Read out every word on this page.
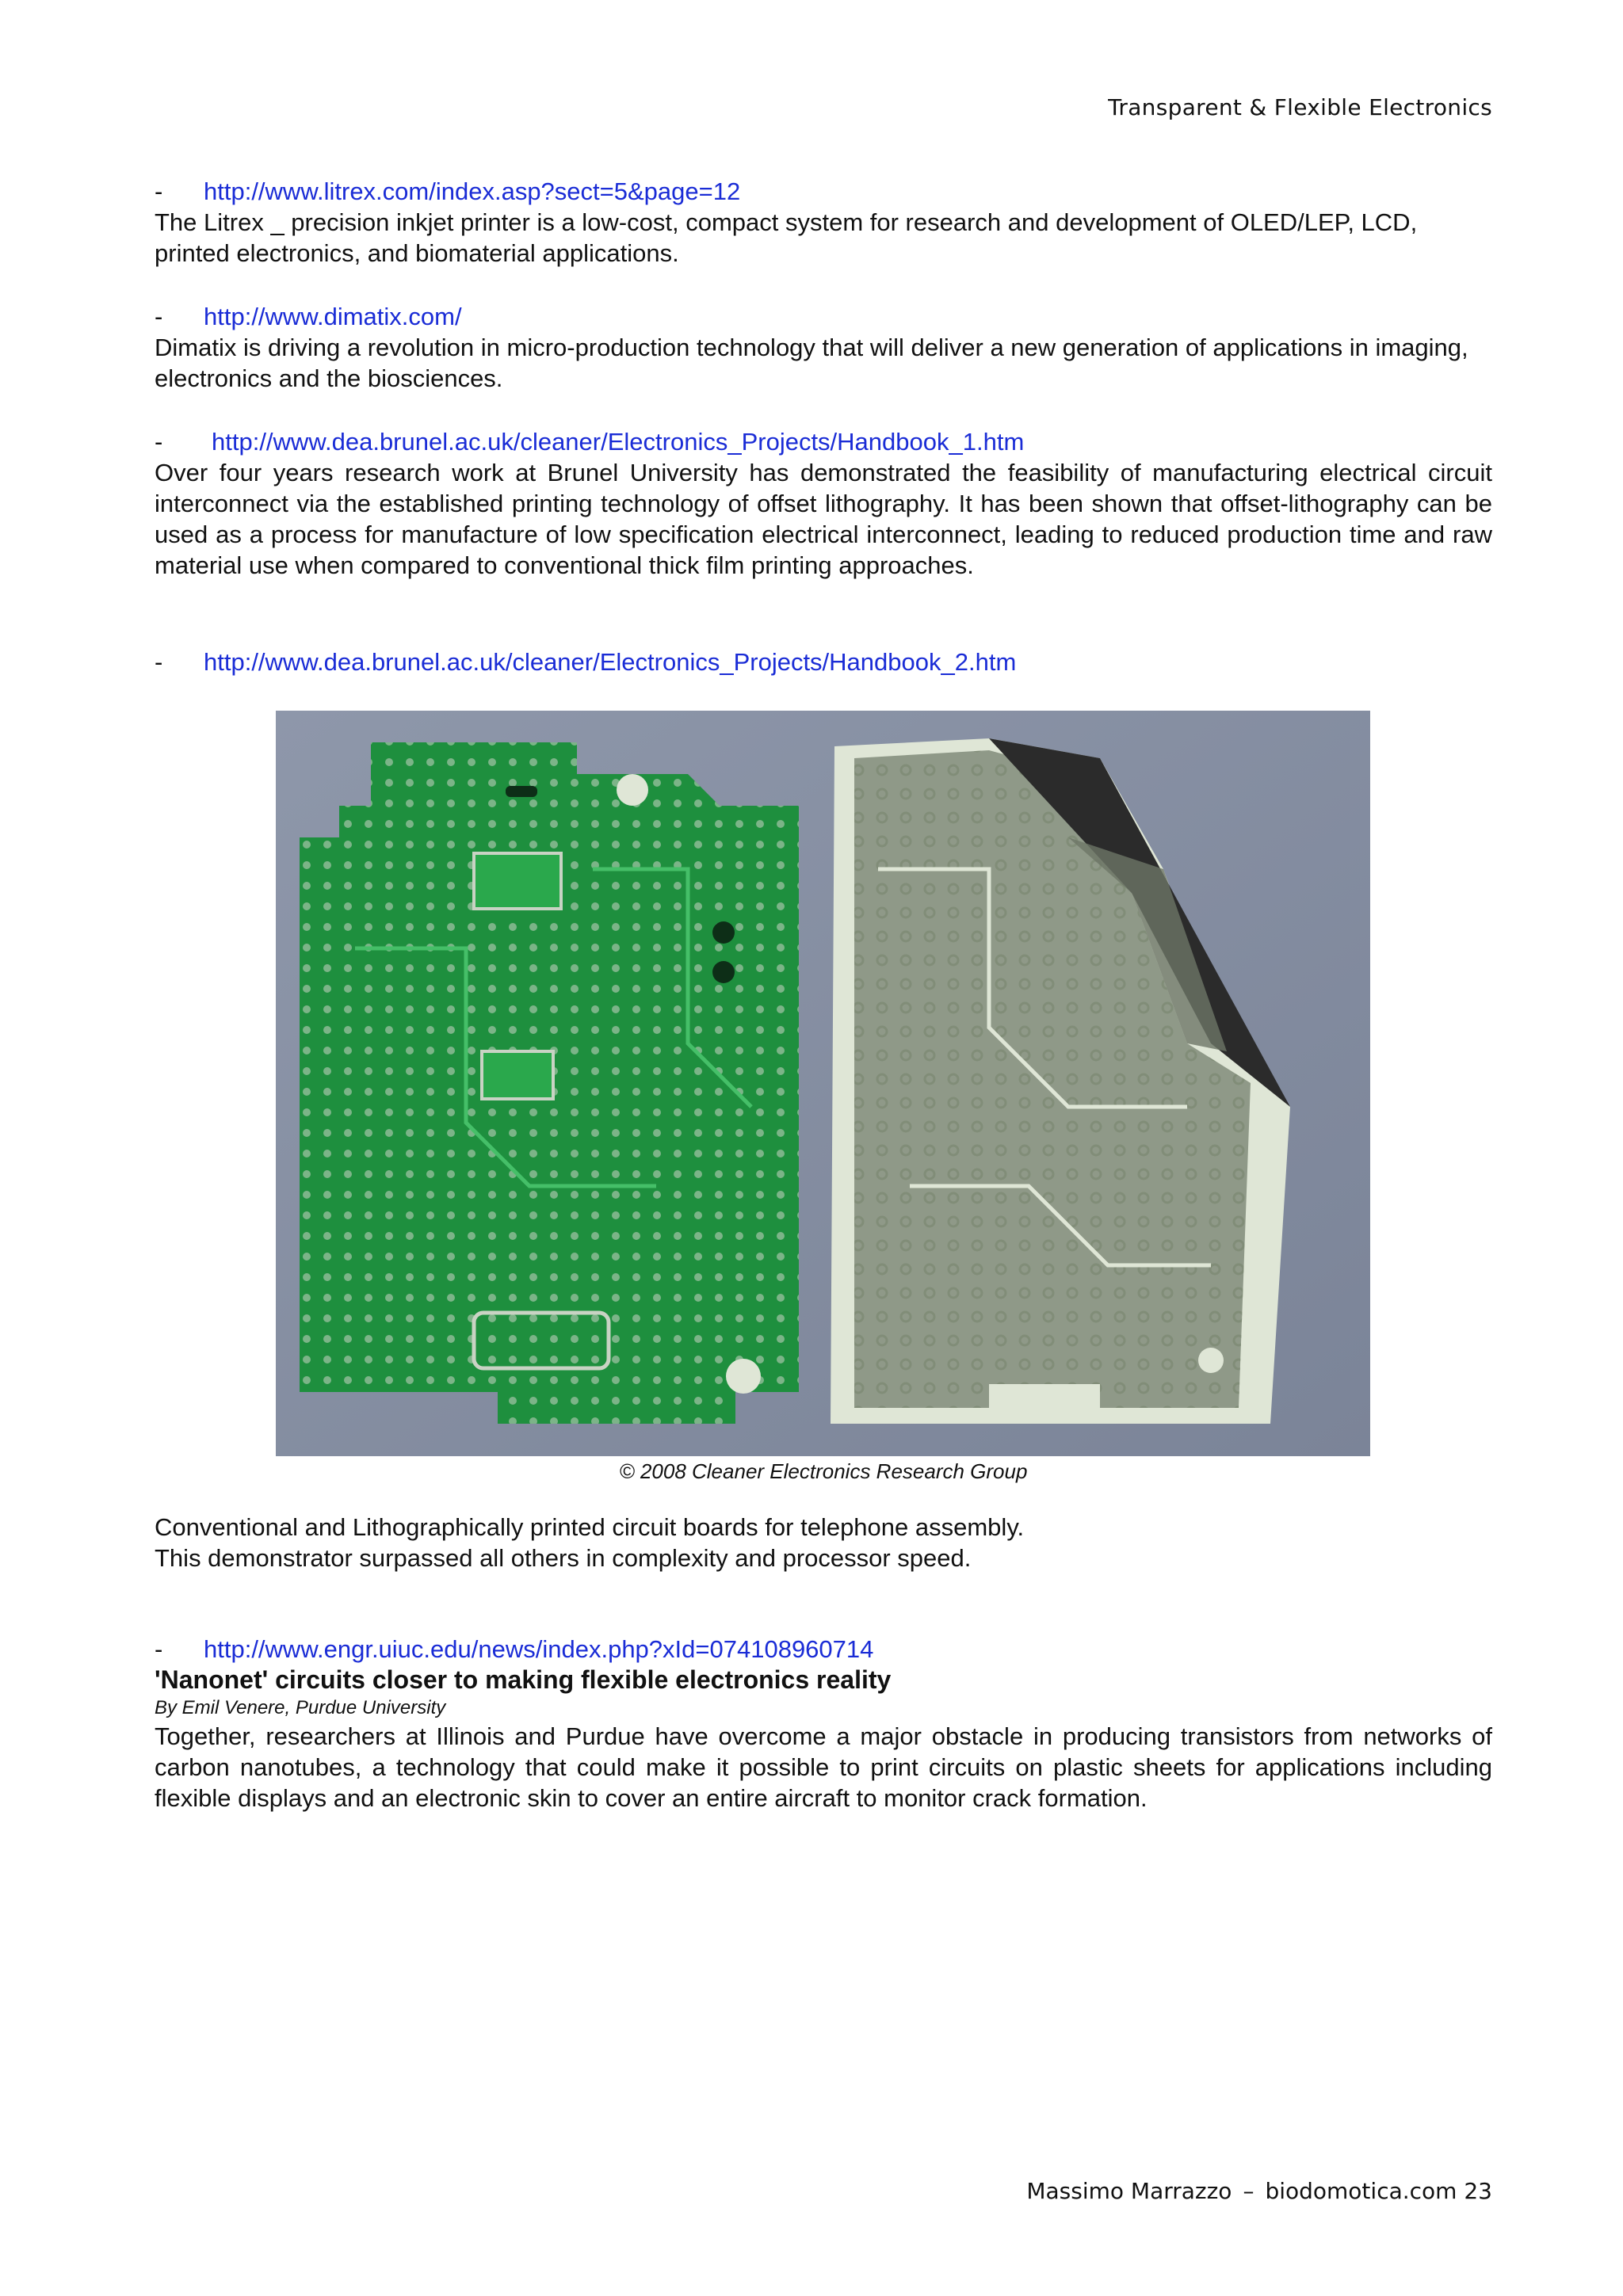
Transparent & Flexible Electronics
- http://www.litrex.com/index.asp?sect=5&page=12

The Litrex _ precision inkjet printer is a low-cost, compact system for research and development of OLED/LEP, LCD, printed electronics, and biomaterial applications.

- http://www.dimatix.com/

Dimatix is driving a revolution in micro-production technology that will deliver a new generation of applications in imaging, electronics and the biosciences.

- http://www.dea.brunel.ac.uk/cleaner/Electronics_Projects/Handbook_1.htm

Over four years research work at Brunel University has demonstrated the feasibility of manufacturing electrical circuit interconnect via the established printing technology of offset lithography. It has been shown that offset-lithography can be used as a process for manufacture of low specification electrical interconnect, leading to reduced production time and raw material use when compared to conventional thick film printing approaches.

- http://www.dea.brunel.ac.uk/cleaner/Electronics_Projects/Handbook_2.htm
© 2008 Cleaner Electronics Research Group

Conventional and Lithographically printed circuit boards for telephone assembly.

This demonstrator surpassed all others in complexity and processor speed.

- http://www.engr.uiuc.edu/news/index.php?xId=074108960714

'Nanonet' circuits closer to making flexible electronics reality

By Emil Venere, Purdue University

Together, researchers at Illinois and Purdue have overcome a major obstacle in producing transistors from networks of carbon nanotubes, a technology that could make it possible to print circuits on plastic sheets for applications including flexible displays and an electronic skin to cover an entire aircraft to monitor crack formation.

Massimo Marrazzo – biodomotica.com 23
